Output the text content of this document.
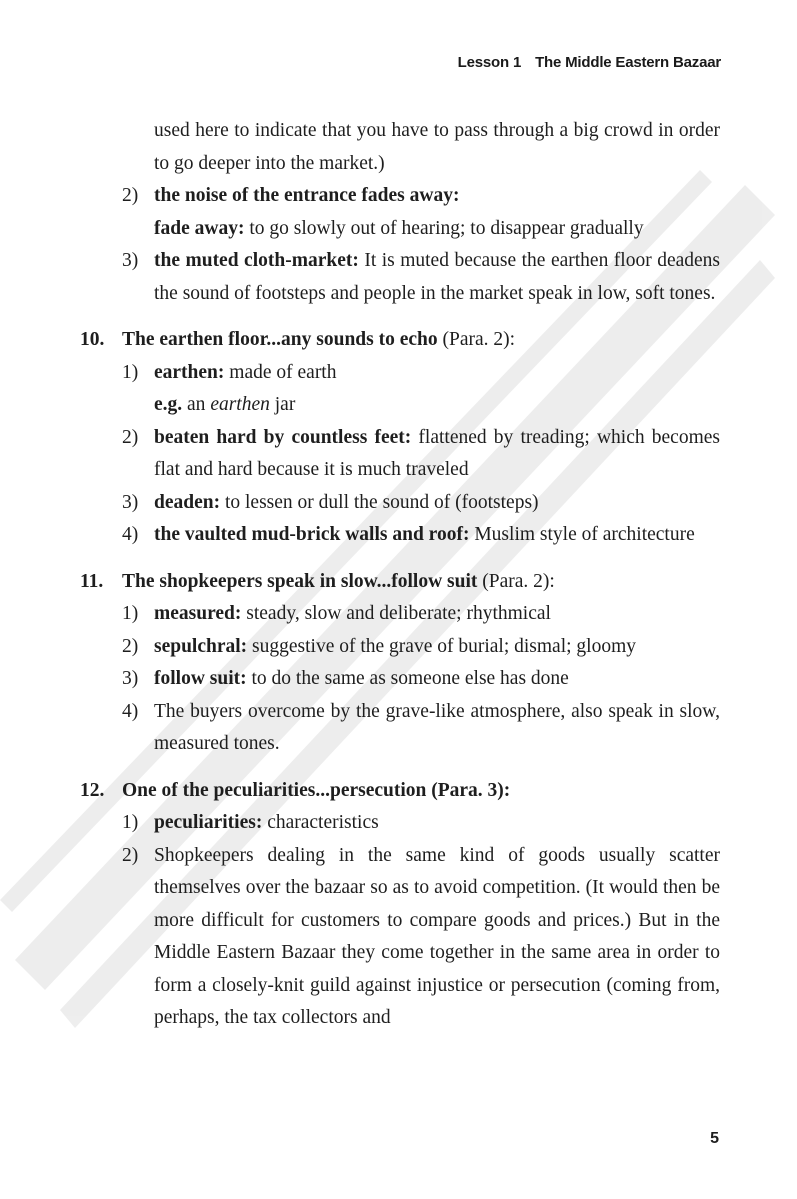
Lesson 1 The Middle Eastern Bazaar

used here to indicate that you have to pass through a big crowd in order to go deeper into the market.)

2) the noise of the entrance fades away:
fade away: to go slowly out of hearing; to disappear gradually
3) the muted cloth-market: It is muted because the earthen floor deadens the sound of footsteps and people in the market speak in low, soft tones.
10. The earthen floor...any sounds to echo (Para. 2):
1) earthen: made of earth
e.g. an earthen jar
2) beaten hard by countless feet: flattened by treading; which becomes flat and hard because it is much traveled
3) deaden: to lessen or dull the sound of (footsteps)
4) the vaulted mud-brick walls and roof: Muslim style of architecture
11. The shopkeepers speak in slow...follow suit (Para. 2):
1) measured: steady, slow and deliberate; rhythmical
2) sepulchral: suggestive of the grave of burial; dismal; gloomy
3) follow suit: to do the same as someone else has done
4) The buyers overcome by the grave-like atmosphere, also speak in slow, measured tones.
12. One of the peculiarities...persecution (Para. 3):
1) peculiarities: characteristics
2) Shopkeepers dealing in the same kind of goods usually scatter themselves over the bazaar so as to avoid competition. (It would then be more difficult for customers to compare goods and prices.) But in the Middle Eastern Bazaar they come together in the same area in order to form a closely-knit guild against injustice or persecution (coming from, perhaps, the tax collectors and
5
